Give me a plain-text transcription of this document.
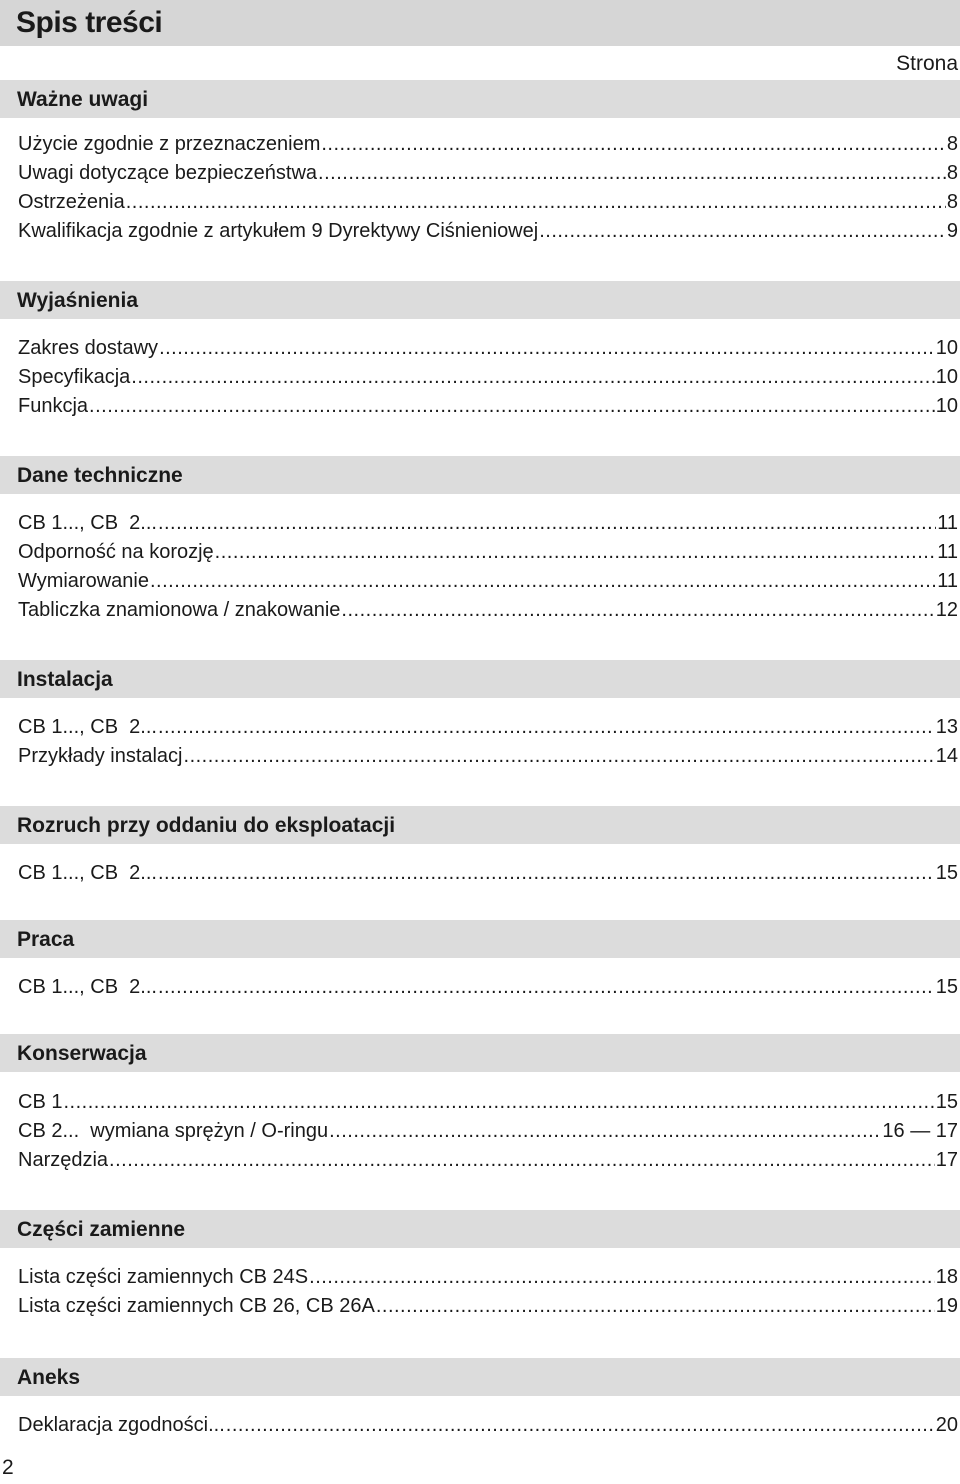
Spis treści
Strona
Ważne uwagi
Użycie zgodnie z przeznaczeniem .....	8
Uwagi dotyczące bezpieczeństwa .....	8
Ostrzeżenia .....	8
Kwalifikacja zgodnie z artykułem 9 Dyrektywy Ciśnieniowej .....	9
Wyjaśnienia
Zakres dostawy .....	10
Specyfikacja .....	10
Funkcja .....	10
Dane techniczne
CB 1..., CB  2... .....	11
Odporność na korozję .....	11
Wymiarowanie .....	11
Tabliczka znamionowa / znakowanie .....	12
Instalacja
CB 1..., CB  2... .....	13
Przykłady instalacj .....	14
Rozruch przy oddaniu do eksploatacji
CB 1..., CB  2... .....	15
Praca
CB 1..., CB  2... .....	15
Konserwacja
CB 1 .....	15
CB 2...  wymiana sprężyn / O-ringu .....	16 — 17
Narzędzia .....	17
Części zamienne
Lista części zamiennych CB 24S .....	18
Lista części zamiennych CB 26, CB 26A .....	19
Aneks
Deklaracja zgodności... .....	20
2
